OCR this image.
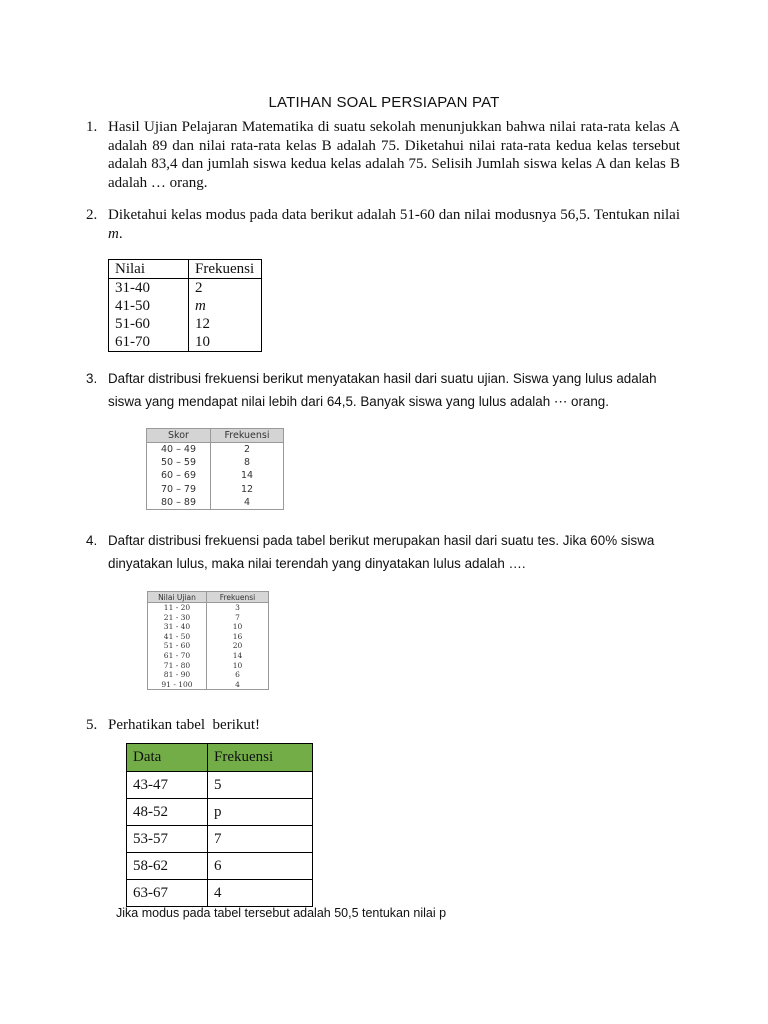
LATIHAN SOAL PERSIAPAN PAT
1. Hasil Ujian Pelajaran Matematika di suatu sekolah menunjukkan bahwa nilai rata-rata kelas A
adalah 89 dan nilai rata-rata kelas B adalah 75. Diketahui nilai rata-rata kedua kelas tersebut
adalah 83,4 dan jumlah siswa kedua kelas adalah 75. Selisih Jumlah siswa kelas A dan kelas B
adalah … orang.
2. Diketahui kelas modus pada data berikut adalah 51-60 dan nilai modusnya 56,5. Tentukan nilai
m.
Nilai	Frekuensi
31-40	2
41-50	m
51-60	12
61-70	10
3. Daftar distribusi frekuensi berikut menyatakan hasil dari suatu ujian. Siswa yang lulus adalah
siswa yang mendapat nilai lebih dari 64,5. Banyak siswa yang lulus adalah ⋯ orang.
Skor	Frekuensi
40 – 49	2
50 – 59	8
60 – 69	14
70 – 79	12
80 – 89	4
4. Daftar distribusi frekuensi pada tabel berikut merupakan hasil dari suatu tes. Jika 60% siswa
dinyatakan lulus, maka nilai terendah yang dinyatakan lulus adalah ….
Nilai Ujian	Frekuensi
11 - 20	3
21 - 30	7
31 - 40	10
41 - 50	16
51 - 60	20
61 - 70	14
71 - 80	10
81 - 90	6
91 - 100	4
5. Perhatikan tabel  berikut!
Data	Frekuensi
43-47	5
48-52	p
53-57	7
58-62	6
63-67	4
Jika modus pada tabel tersebut adalah 50,5 tentukan nilai p
